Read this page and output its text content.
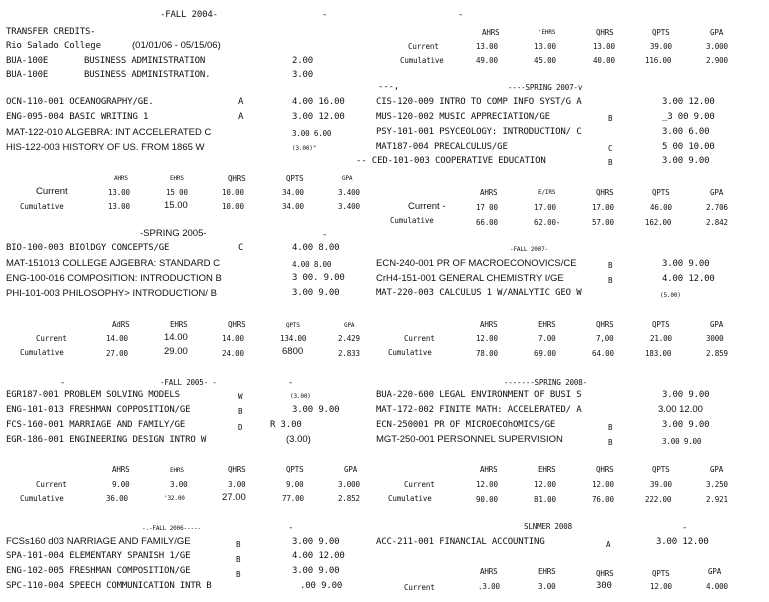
-FALL 2004-
TRANSFER CREDITS-
Rio Salado College	(01/01/06 - 05/15/06)
BUA-100E	BUSINESS ADMINISTRATION	2.00
BUA-100E	BUSINESS ADMINISTRATION.	3.00
AHRS	'EHRS	QHRS	QPTS	GPA
Current	13.00	13.00	13.00	39.00	3.000
Cumulative	49.00	45.00	40.00	116.00	2.900
OCN-110-001 OCEANOGRAPHY/GE.	A	4.00 16.00
ENG-095-004 BASIC WRITING 1	A	3.00 12.00
MAT-122-010 ALGEBRA: INT ACCELERATED C	3.00 6.00
HIS-122-003 HISTORY OF US. FROM 1865 W	(3.00)"
AHRS	EHRS	QHRS	QPTS	GPA
Current	13.00	15 00	10.00	34.00	3.400
Cumulative	13.00	15.00	10.00	34.00	3.400
---,	----SPRING 2007-v
CIS-120-009 INTRO TO COMP INFO SYST/G A	3.00 12.00
MUS-120-002 MUSIC APPRECIATION/GE	B	_3 00 9.00
PSY-101-001 PSYCEOLOGY: INTRODUCTION/ C	3.00 6.00
MAT187-004 PRECALCULUS/GE	C	5 00 10.00
-- CED-101-003 COOPERATIVE EDUCATION	B	3.00 9.00
AHRS	E/IRS	QHRS	QPTS	GPA
Current -	17 00	17.00	17.00	46.00	2.706
Cumulative	66.00	62.00-	57.00	162.00	2.842
-SPRING 2005-
BIO-100-003 BIOlDGY CONCEPTS/GE	C	4.00 8.00
MAT-151013 COLLEGE AJGEBRA: STANDARD C	4.00 8.00
ENG-100-016 COMPOSITION: INTRODUCTION B	3 00. 9.00
PHI-101-003 PHILOSOPHY> INTRODUCTION/ B	3.00 9.00
AdRS	EHRS	QHRS	QPTS	GPA
Current	14.00	14.00	14.00	134.00	2.429
Cumulative	27.00	29.00	24.00	6800	2.833
-FALL 2007-
ECN-240-001 PR OF MACROECONOVICS/CE	B	3.00 9.00
CrH4-151-001 GENERAL CHEMISTRY I/GE	B	4.00 12.00
MAT-220-003 CALCULUS 1 W/ANALYTIC GEO W	(5.00)
AHRS	EHRS	QHRS	QPTS	GPA
Current	12.00	7.00	7,00	21.00	3000
Cumulative	78.00	69.00	64.00	183.00	2.859
-FALL 2005- -
EGR187-001 PROBLEM SOLVING MODELS	W	(3.00)
ENG-101-013 FRESHMAN COPPOSITION/GE	B	3.00 9.00
FCS-160-001 MARRIAGE AND FAMILY/GE	D	R 3.00
EGR-186-001 ENGINEERING DESIGN INTRO W	(3.00)
AHRS	EHRS	QHRS	QPTS	GPA
Current	9.00	3.00	3.00	9.00	3.000
Cumulative	36.00	'32.00	27.00	77.00	2.852
-------SPRING 2008-
BUA-220-600 LEGAL ENVIRONMENT OF BUSI S	3.00 9.00
MAT-172-002 FINITE MATH: ACCELERATED/ A	3.00 12.00
ECN-250001 PR OF MICROECOhOMICS/GE	B	3.00 9.00
MGT-250-001 PERSONNEL SUPERVISION	B	3.00 9.00
AHRS	EHRS	QHRS	QPTS	GPA
Current	12.00	12.00	12.00	39.00	3.250
Cumulative	90.00	81.00	76.00	222.00	2.921
-.-FALL 2006-----
FCSs160 d03 NARRIAGE AND FAMILY/GE	B	3.00 9.00
SPA-101-004 ELEMENTARY SPANISH 1/GE	B	4.00 12.00
ENG-102-005 FRESHMAN COMPOSITION/GE	B	3.00 9.00
SPC-110-004 SPEECH COMMUNICATION INTR B	.00 9.00
SLNMER 2008
ACC-211-001 FINANCIAL ACCOUNTING	A	3.00 12.00
AHRS	EHRS	QHRS	QPTS	GPA
Current	.3.00	3.00	300	12.00	4.000
-	-
-
-	-
-	-
